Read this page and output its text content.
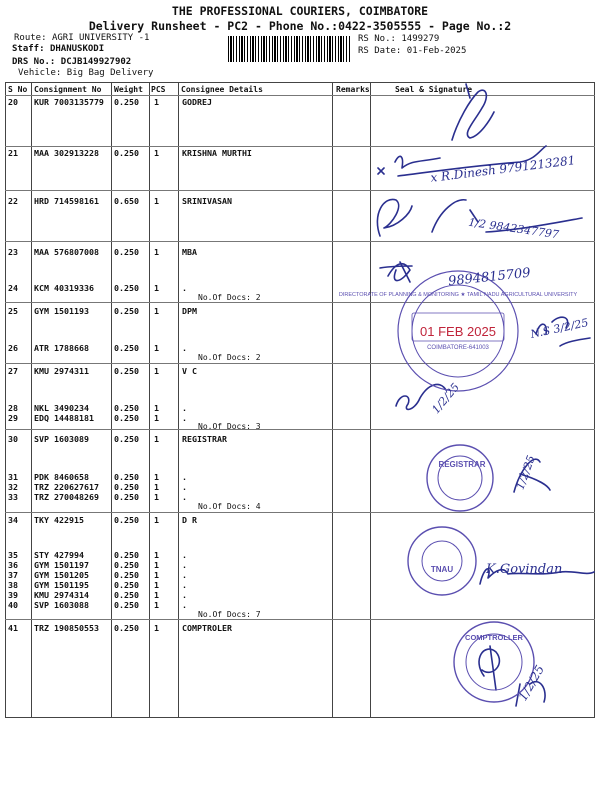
THE PROFESSIONAL COURIERS, COIMBATORE
Delivery Runsheet - PC2 - Phone No.:0422-3505555 - Page No.:2
Route: AGRI UNIVERSITY -1
Staff: DHANUSKODI
DRS No.: DCJB149927902
Vehicle: Big Bag Delivery
RS No.: 1499279
RS Date: 01-Feb-2025
S No Consignment No Weight PCS Consignee Details	Remarks	Seal & Signature
20 KUR 7003135779 0.250 1	GODREJ
21 MAA 302913228 0.250 1	KRISHNA MURTHI
22 HRD 714598161 0.650 1	SRINIVASAN
23 MAA 576807008 0.250 1	MBA
24 KCM 40319336 0.250 1	.
No.Of Docs: 2
25 GYM 1501193	0.250 1	DPM
26 ATR 1788668	0.250 1	.
No.Of Docs: 2
27 KMU 2974311	0.250 1	V C
28 NKL 3490234	0.250 1	.
29 EDQ 14488181 0.250 1	.
No.Of Docs: 3
30 SVP 1603089	0.250 1	REGISTRAR
31 PDK 8460658	0.250 1	.
32 TRZ 220627617 0.250 1	.
33 TRZ 270048269 0.250 1	.
No.Of Docs: 4
34 TKY 422915	0.250 1	D R
35 STY 427994	0.250 1	.
36 GYM 1501197	0.250 1	.
37 GYM 1501205	0.250 1	.
38 GYM 1501195	0.250 1	.
39 KMU 2974314	0.250 1	.
40 SVP 1603088	0.250 1	.
No.Of Docs: 7
41 TRZ 190850553 0.250 1	COMPTROLER
01 FEB 2025
COIMBATORE-641003
DIRECTORATE OF PLANNING & MONITORING ★ TAMIL NADU AGRICULTURAL UNIVERSITY
REGISTRAR
TNAU
COMPTROLLER
x R.Dinesh 9791213281
1/2 9842347797
9894815709
N.S 3/2/25
1/2/25
1/2/25
K.Govindan
1/2/25
